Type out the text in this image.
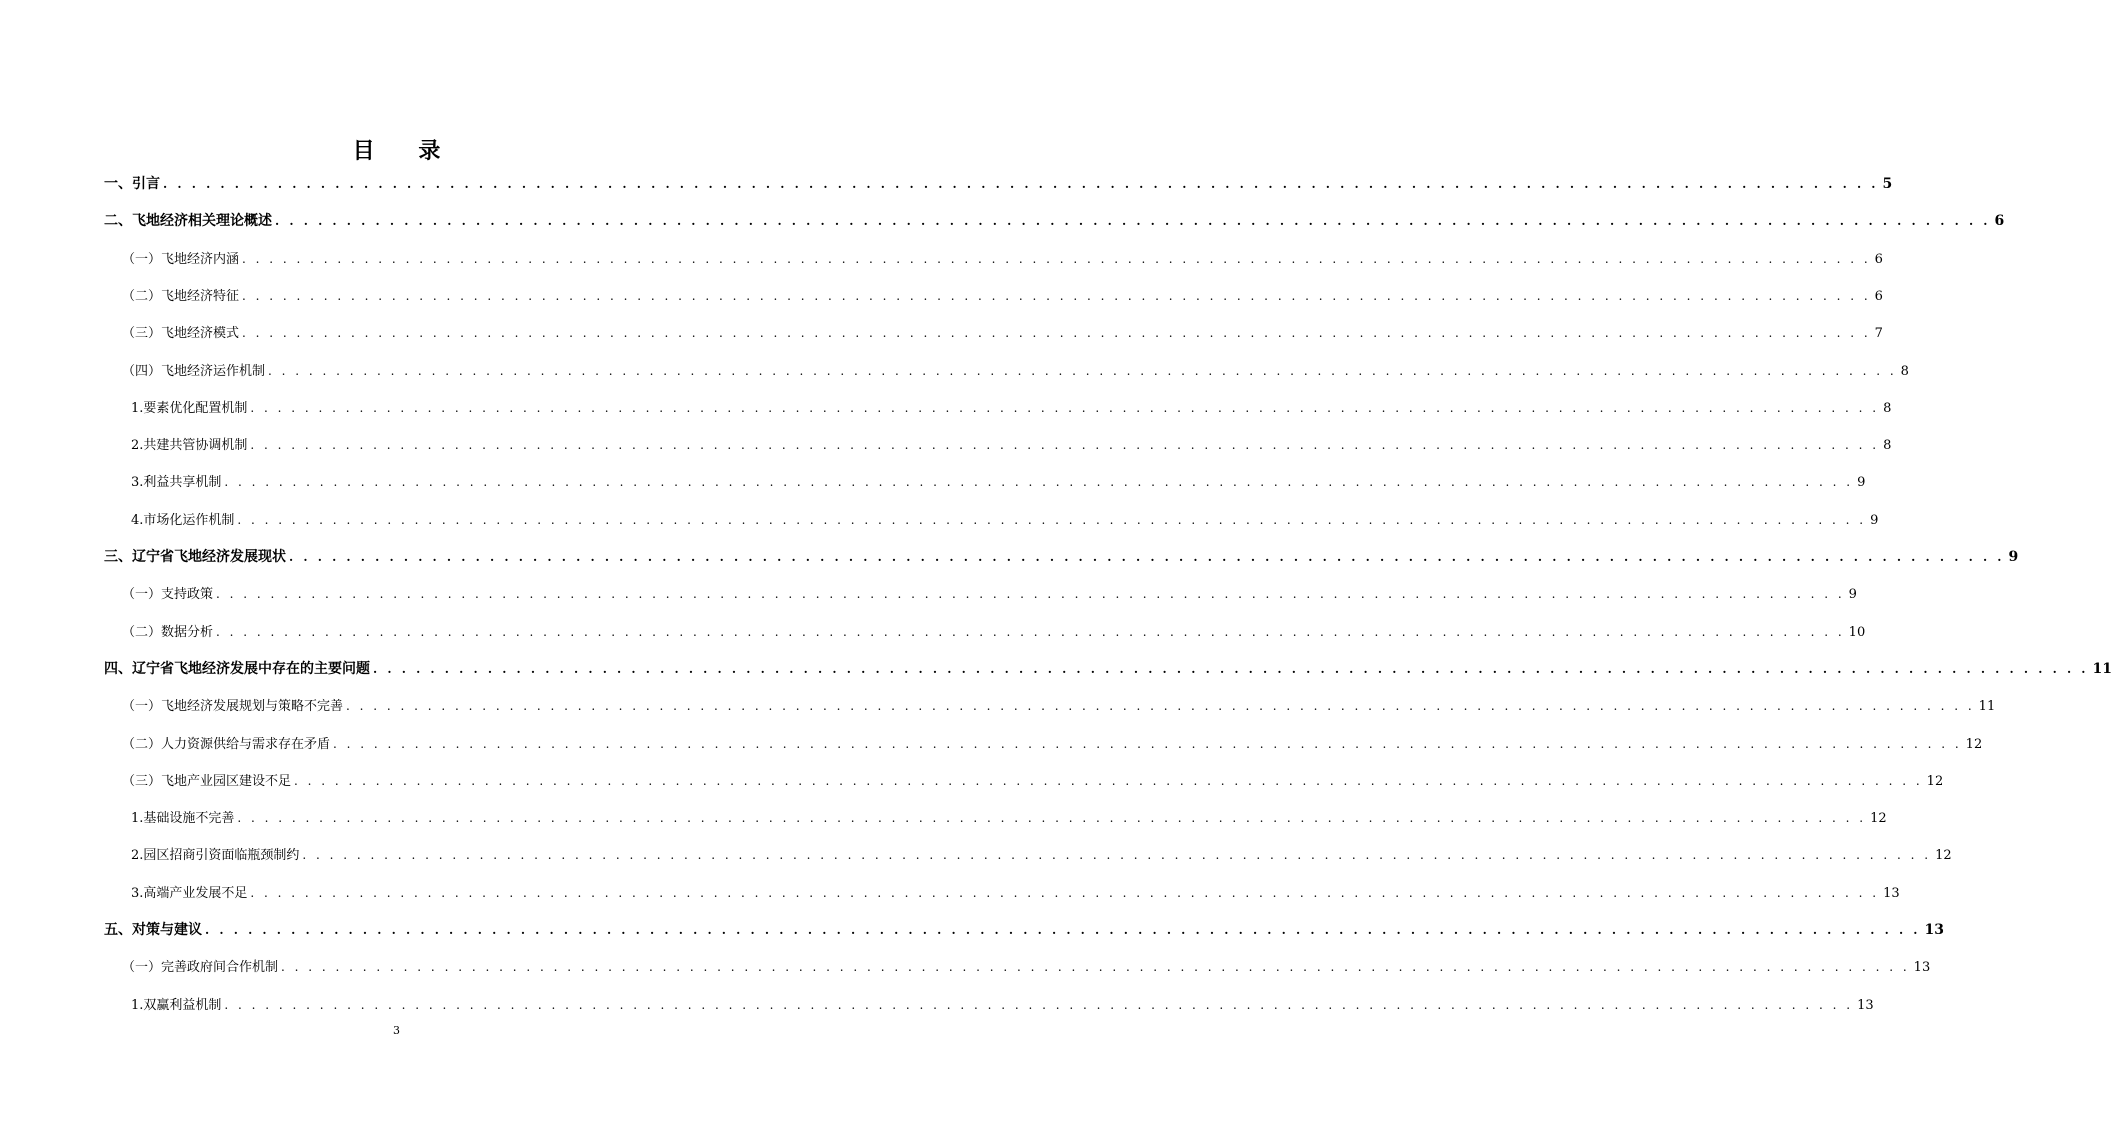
目 录
一、引言 . . . . . . . . . . . . . . . . . . . . . . . . . . . . . . . . . . . . . . . . . . . . . . . . . . . . . . . . . . . . . . . . . . . . . . . . . . . . . . . . . . . . . . . . . . . . . . . . . . . . . . . . . . . . . . . . . . . . . . . . 5
二、飞地经济相关理论概述 . . . . . . . . . . . . . . . . . . . . . . . . . . . . . . . . . . . . . . . . . . . . . . . . . . . . . . . . . . . . . . . . . . . . . . . . . . . . . . . . . . . . . . . . . . . . . . . . . . . . . . . . . . . . . . . . . . . . . . . . 6
（一）飞地经济内涵 . . . . . . . . . . . . . . . . . . . . . . . . . . . . . . . . . . . . . . . . . . . . . . . . . . . . . . . . . . . . . . . . . . . . . . . . . . . . . . . . . . . . . . . . . . . . . . . . . . . . . . . . . . . . . . . . . . . . . . . . 6
（二）飞地经济特征 . . . . . . . . . . . . . . . . . . . . . . . . . . . . . . . . . . . . . . . . . . . . . . . . . . . . . . . . . . . . . . . . . . . . . . . . . . . . . . . . . . . . . . . . . . . . . . . . . . . . . . . . . . . . . . . . . . . . . . . . 6
（三）飞地经济模式 . . . . . . . . . . . . . . . . . . . . . . . . . . . . . . . . . . . . . . . . . . . . . . . . . . . . . . . . . . . . . . . . . . . . . . . . . . . . . . . . . . . . . . . . . . . . . . . . . . . . . . . . . . . . . . . . . . . . . . . . 7
（四）飞地经济运作机制 . . . . . . . . . . . . . . . . . . . . . . . . . . . . . . . . . . . . . . . . . . . . . . . . . . . . . . . . . . . . . . . . . . . . . . . . . . . . . . . . . . . . . . . . . . . . . . . . . . . . . . . . . . . . . . . . . . . . . . . . 8
1.要素优化配置机制 . . . . . . . . . . . . . . . . . . . . . . . . . . . . . . . . . . . . . . . . . . . . . . . . . . . . . . . . . . . . . . . . . . . . . . . . . . . . . . . . . . . . . . . . . . . . . . . . . . . . . . . . . . . . . . . . . . . . . . . . 8
2.共建共管协调机制 . . . . . . . . . . . . . . . . . . . . . . . . . . . . . . . . . . . . . . . . . . . . . . . . . . . . . . . . . . . . . . . . . . . . . . . . . . . . . . . . . . . . . . . . . . . . . . . . . . . . . . . . . . . . . . . . . . . . . . . . 8
3.利益共享机制 . . . . . . . . . . . . . . . . . . . . . . . . . . . . . . . . . . . . . . . . . . . . . . . . . . . . . . . . . . . . . . . . . . . . . . . . . . . . . . . . . . . . . . . . . . . . . . . . . . . . . . . . . . . . . . . . . . . . . . . . 9
4.市场化运作机制 . . . . . . . . . . . . . . . . . . . . . . . . . . . . . . . . . . . . . . . . . . . . . . . . . . . . . . . . . . . . . . . . . . . . . . . . . . . . . . . . . . . . . . . . . . . . . . . . . . . . . . . . . . . . . . . . . . . . . . . . 9
三、辽宁省飞地经济发展现状 . . . . . . . . . . . . . . . . . . . . . . . . . . . . . . . . . . . . . . . . . . . . . . . . . . . . . . . . . . . . . . . . . . . . . . . . . . . . . . . . . . . . . . . . . . . . . . . . . . . . . . . . . . . . . . . . . . . . . . . . 9
（一）支持政策 . . . . . . . . . . . . . . . . . . . . . . . . . . . . . . . . . . . . . . . . . . . . . . . . . . . . . . . . . . . . . . . . . . . . . . . . . . . . . . . . . . . . . . . . . . . . . . . . . . . . . . . . . . . . . . . . . . . . . . . . 9
（二）数据分析 . . . . . . . . . . . . . . . . . . . . . . . . . . . . . . . . . . . . . . . . . . . . . . . . . . . . . . . . . . . . . . . . . . . . . . . . . . . . . . . . . . . . . . . . . . . . . . . . . . . . . . . . . . . . . . . . . . . . . . . . 10
四、辽宁省飞地经济发展中存在的主要问题 . . . . . . . . . . . . . . . . . . . . . . . . . . . . . . . . . . . . . . . . . . . . . . . . . . . . . . . . . . . . . . . . . . . . . . . . . . . . . . . . . . . . . . . . . . . . . . . . . . . . . . . . . . . . . . . . . . . . . . . . 11
（一）飞地经济发展规划与策略不完善 . . . . . . . . . . . . . . . . . . . . . . . . . . . . . . . . . . . . . . . . . . . . . . . . . . . . . . . . . . . . . . . . . . . . . . . . . . . . . . . . . . . . . . . . . . . . . . . . . . . . . . . . . . . . . . . . . . . . . . . . 11
（二）人力资源供给与需求存在矛盾 . . . . . . . . . . . . . . . . . . . . . . . . . . . . . . . . . . . . . . . . . . . . . . . . . . . . . . . . . . . . . . . . . . . . . . . . . . . . . . . . . . . . . . . . . . . . . . . . . . . . . . . . . . . . . . . . . . . . . . . . 12
（三）飞地产业园区建设不足 . . . . . . . . . . . . . . . . . . . . . . . . . . . . . . . . . . . . . . . . . . . . . . . . . . . . . . . . . . . . . . . . . . . . . . . . . . . . . . . . . . . . . . . . . . . . . . . . . . . . . . . . . . . . . . . . . . . . . . . . 12
1.基础设施不完善 . . . . . . . . . . . . . . . . . . . . . . . . . . . . . . . . . . . . . . . . . . . . . . . . . . . . . . . . . . . . . . . . . . . . . . . . . . . . . . . . . . . . . . . . . . . . . . . . . . . . . . . . . . . . . . . . . . . . . . . . 12
2.园区招商引资面临瓶颈制约 . . . . . . . . . . . . . . . . . . . . . . . . . . . . . . . . . . . . . . . . . . . . . . . . . . . . . . . . . . . . . . . . . . . . . . . . . . . . . . . . . . . . . . . . . . . . . . . . . . . . . . . . . . . . . . . . . . . . . . . . 12
3.高端产业发展不足 . . . . . . . . . . . . . . . . . . . . . . . . . . . . . . . . . . . . . . . . . . . . . . . . . . . . . . . . . . . . . . . . . . . . . . . . . . . . . . . . . . . . . . . . . . . . . . . . . . . . . . . . . . . . . . . . . . . . . . . . 13
五、对策与建议 . . . . . . . . . . . . . . . . . . . . . . . . . . . . . . . . . . . . . . . . . . . . . . . . . . . . . . . . . . . . . . . . . . . . . . . . . . . . . . . . . . . . . . . . . . . . . . . . . . . . . . . . . . . . . . . . . . . . . . . . 13
（一）完善政府间合作机制 . . . . . . . . . . . . . . . . . . . . . . . . . . . . . . . . . . . . . . . . . . . . . . . . . . . . . . . . . . . . . . . . . . . . . . . . . . . . . . . . . . . . . . . . . . . . . . . . . . . . . . . . . . . . . . . . . . . . . . . . 13
1.双赢利益机制 . . . . . . . . . . . . . . . . . . . . . . . . . . . . . . . . . . . . . . . . . . . . . . . . . . . . . . . . . . . . . . . . . . . . . . . . . . . . . . . . . . . . . . . . . . . . . . . . . . . . . . . . . . . . . . . . . . . . . . . . 13
3
